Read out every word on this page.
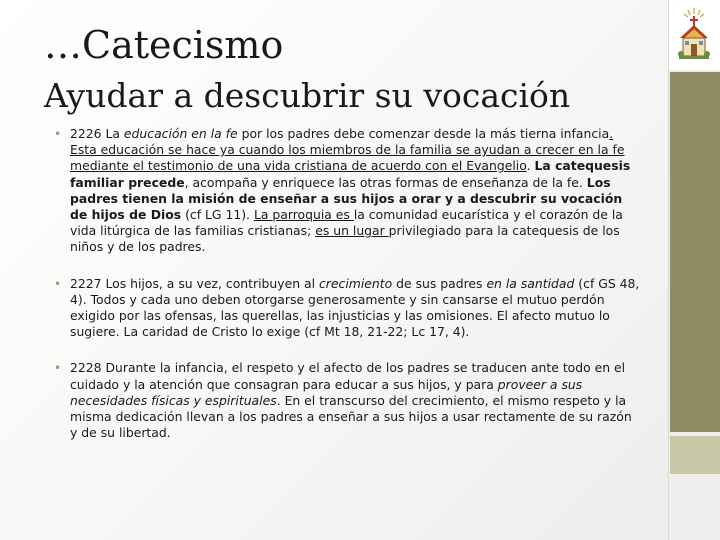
…Catecismo
Ayudar a descubrir su vocación
• 2226 La educación en la fe por los padres debe comenzar desde la más tierna infancia. Esta educación se hace ya cuando los miembros de la familia se ayudan a crecer en la fe mediante el testimonio de una vida cristiana de acuerdo con el Evangelio. La catequesis familiar precede, acompaña y enriquece las otras formas de enseñanza de la fe. Los padres tienen la misión de enseñar a sus hijos a orar y a descubrir su vocación de hijos de Dios (cf LG 11). La parroquia es la comunidad eucarística y el corazón de la vida litúrgica de las familias cristianas; es un lugar privilegiado para la catequesis de los niños y de los padres.
• 2227 Los hijos, a su vez, contribuyen al crecimiento de sus padres en la santidad (cf GS 48, 4). Todos y cada uno deben otorgarse generosamente y sin cansarse el mutuo perdón exigido por las ofensas, las querellas, las injusticias y las omisiones. El afecto mutuo lo sugiere. La caridad de Cristo lo exige (cf Mt 18, 21-22; Lc 17, 4).
• 2228 Durante la infancia, el respeto y el afecto de los padres se traducen ante todo en el cuidado y la atención que consagran para educar a sus hijos, y para proveer a sus necesidades físicas y espirituales. En el transcurso del crecimiento, el mismo respeto y la misma dedicación llevan a los padres a enseñar a sus hijos a usar rectamente de su razón y de su libertad.
